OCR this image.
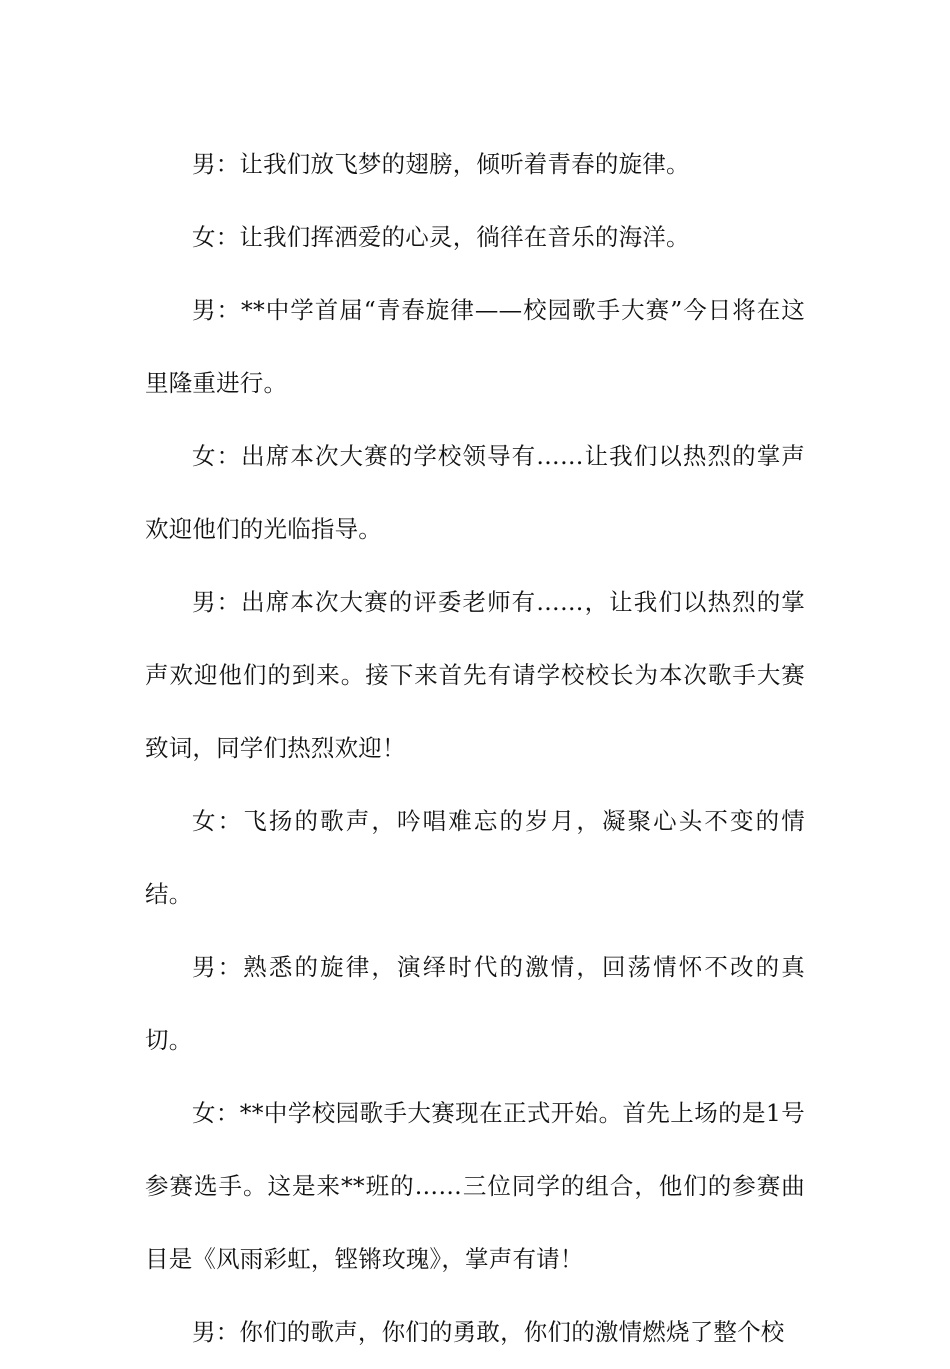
男：让我们放飞梦的翅膀，倾听着青春的旋律。

女：让我们挥洒爱的心灵，徜徉在音乐的海洋。

男：**中学首届“青春旋律——校园歌手大赛”今日将在这里隆重进行。

女：出席本次大赛的学校领导有……让我们以热烈的掌声欢迎他们的光临指导。

男：出席本次大赛的评委老师有……，让我们以热烈的掌声欢迎他们的到来。接下来首先有请学校校长为本次歌手大赛致词，同学们热烈欢迎！

女：飞扬的歌声，吟唱难忘的岁月，凝聚心头不变的情结。

男：熟悉的旋律，演绎时代的激情，回荡情怀不改的真切。

女：**中学校园歌手大赛现在正式开始。首先上场的是1号参赛选手。这是来**班的……三位同学的组合，他们的参赛曲目是《风雨彩虹，铿锵玫瑰》，掌声有请！

男：你们的歌声，你们的勇敢，你们的激情燃烧了整个校
